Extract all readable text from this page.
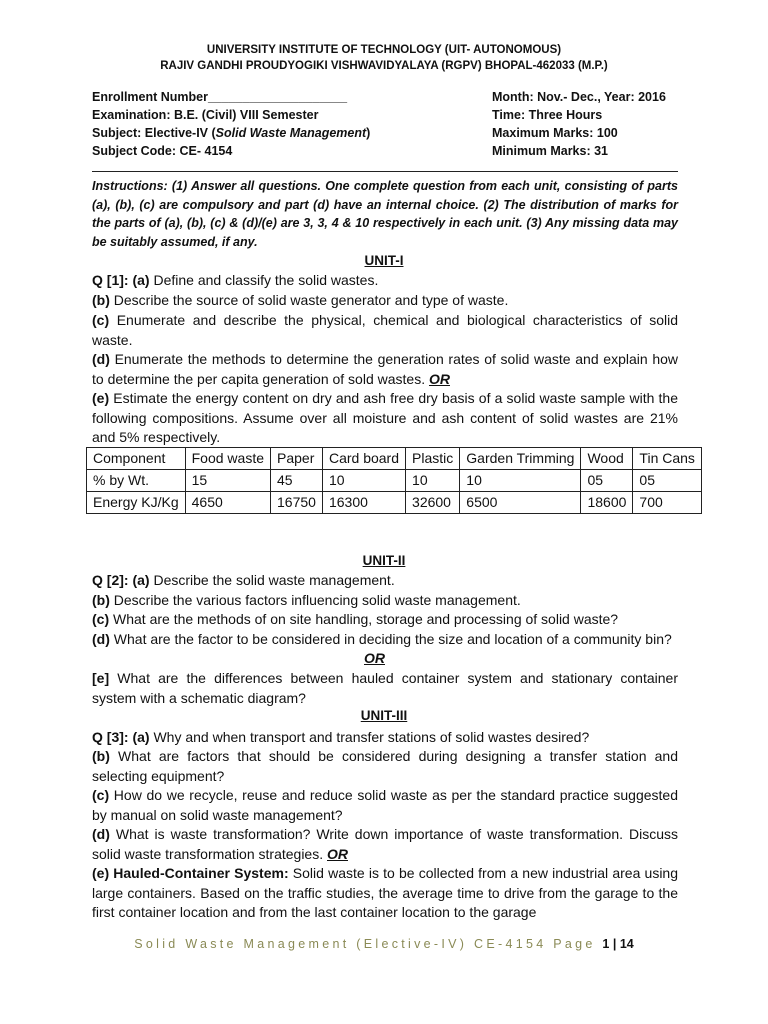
UNIVERSITY INSTITUTE OF TECHNOLOGY (UIT- AUTONOMOUS)
RAJIV GANDHI PROUDYOGIKI VISHWAVIDYALAYA (RGPV) BHOPAL-462033 (M.P.)
Enrollment Number____________________	Month: Nov.- Dec., Year: 2016
Examination: B.E. (Civil) VIII Semester	Time: Three Hours
Subject: Elective-IV (Solid Waste Management)	Maximum Marks: 100
Subject Code: CE- 4154	Minimum Marks: 31
Instructions: (1) Answer all questions. One complete question from each unit, consisting of parts (a), (b), (c) are compulsory and part (d) have an internal choice. (2) The distribution of marks for the parts of (a), (b), (c) & (d)/(e) are 3, 3, 4 & 10 respectively in each unit. (3) Any missing data may be suitably assumed, if any.
UNIT-I
Q [1]: (a) Define and classify the solid wastes.
(b) Describe the source of solid waste generator and type of waste.
(c) Enumerate and describe the physical, chemical and biological characteristics of solid waste.
(d) Enumerate the methods to determine the generation rates of solid waste and explain how to determine the per capita generation of sold wastes. OR
(e) Estimate the energy content on dry and ash free dry basis of a solid waste sample with the following compositions. Assume over all moisture and ash content of solid wastes are 21% and 5% respectively.
Component	Food waste	Paper	Card board	Plastic	Garden Trimming	Wood	Tin Cans
% by Wt.	15	45	10	10	10	05	05
Energy KJ/Kg	4650	16750	16300	32600	6500	18600	700
UNIT-II
Q [2]: (a) Describe the solid waste management.
(b) Describe the various factors influencing solid waste management.
(c) What are the methods of on site handling, storage and processing of solid waste?
(d) What are the factor to be considered in deciding the size and location of a community bin?
OR
[e] What are the differences between hauled container system and stationary container system with a schematic diagram?
UNIT-III
Q [3]: (a) Why and when transport and transfer stations of solid wastes desired?
(b) What are factors that should be considered during designing a transfer station and selecting equipment?
(c) How do we recycle, reuse and reduce solid waste as per the standard practice suggested by manual on solid waste management?
(d) What is waste transformation? Write down importance of waste transformation. Discuss solid waste transformation strategies. OR
(e) Hauled-Container System: Solid waste is to be collected from a new industrial area using large containers. Based on the traffic studies, the average time to drive from the garage to the first container location and from the last container location to the garage
Solid Waste Management (Elective-IV) CE-4154 Page 1 | 14
